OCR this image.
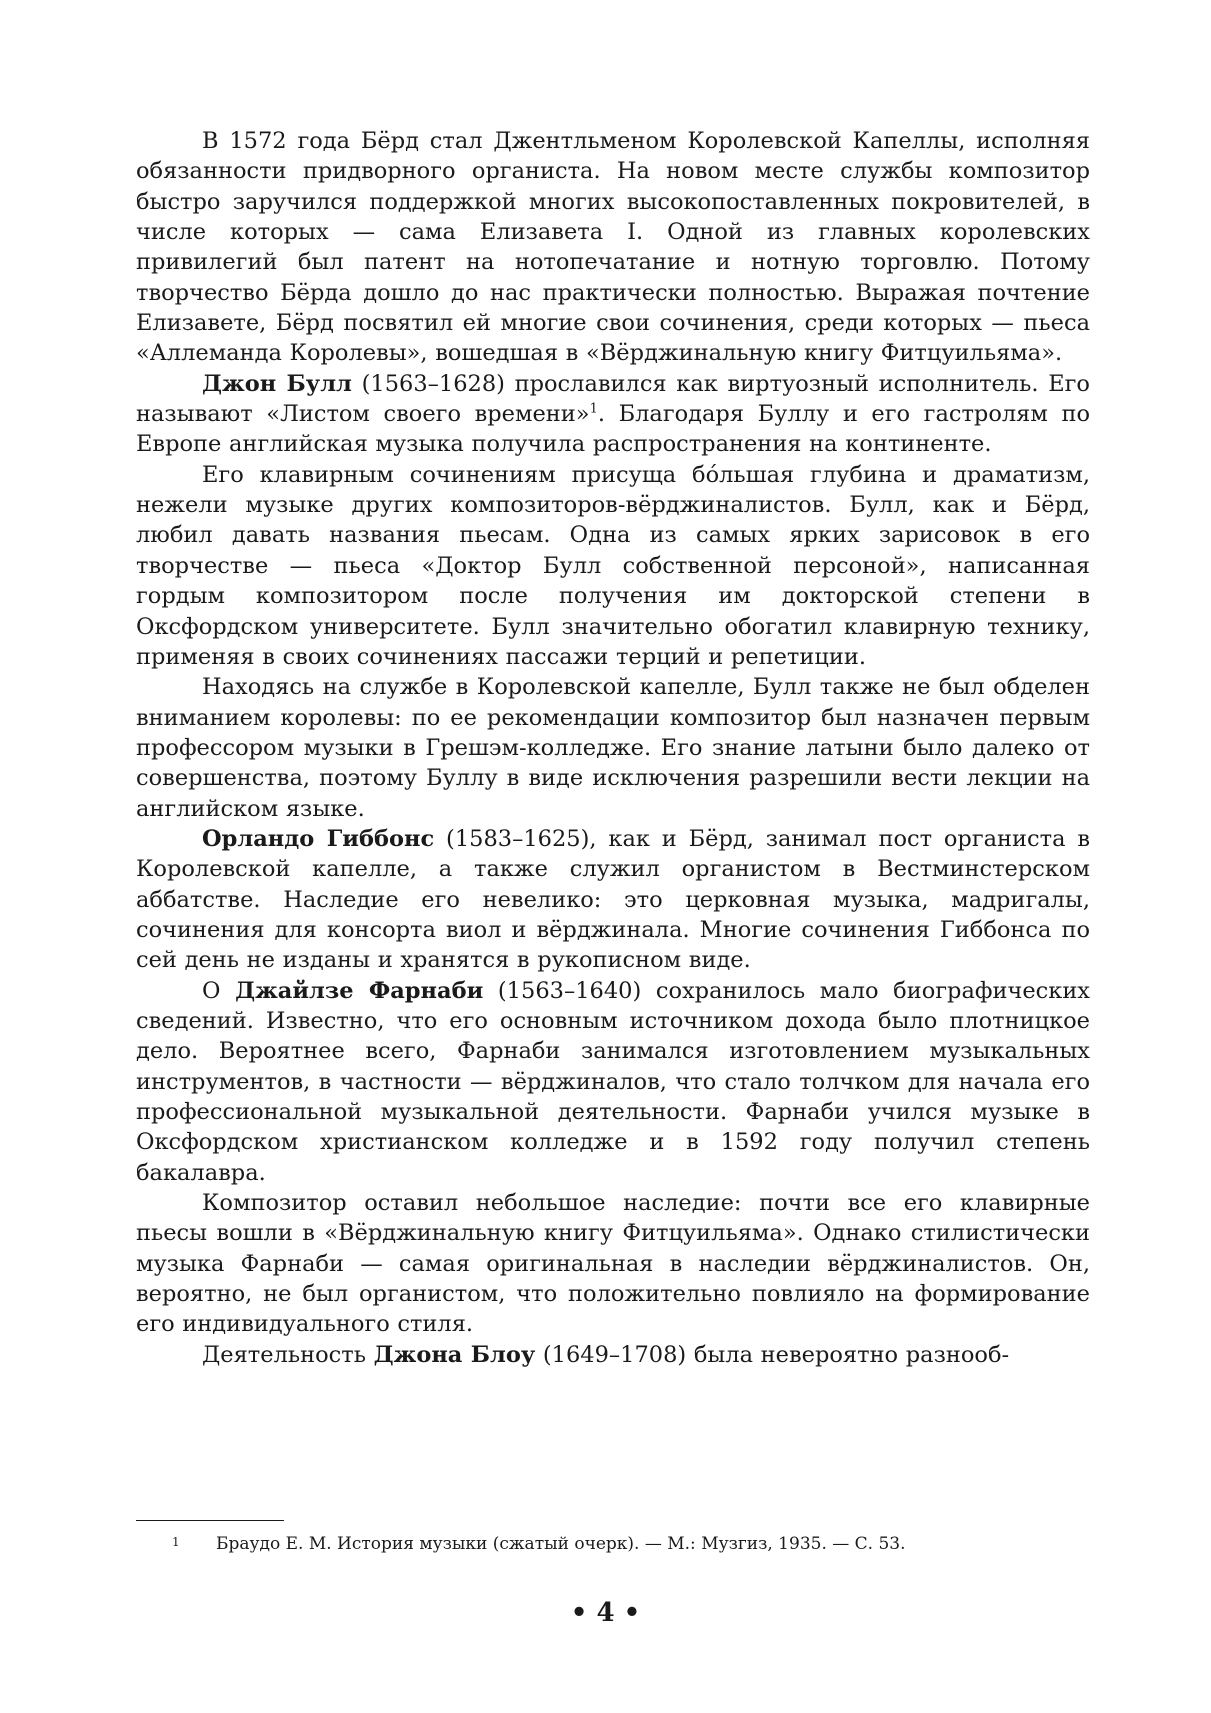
В 1572 года Бёрд стал Джентльменом Королевской Капеллы, исполняя обязанности придворного органиста. На новом месте службы композитор быстро заручился поддержкой многих высокопоставленных покровителей, в числе которых — сама Елизавета I. Одной из главных королевских привилегий был патент на нотопечатание и нотную торговлю. Потому творчество Бёрда дошло до нас практически полностью. Выражая почтение Елизавете, Бёрд посвятил ей многие свои сочинения, среди которых — пьеса «Аллеманда Королевы», вошедшая в «Вёрджинальную книгу Фитцуильяма».

Джон Булл (1563–1628) прославился как виртуозный исполнитель. Его называют «Листом своего времени»$^1$. Благодаря Буллу и его гастролям по Европе английская музыка получила распространения на континенте.

Его клавирным сочинениям присуща бóльшая глубина и драматизм, нежели музыке других композиторов-вёрджиналистов. Булл, как и Бёрд, любил давать названия пьесам. Одна из самых ярких зарисовок в его творчестве — пьеса «Доктор Булл собственной персоной», написанная гордым композитором после получения им докторской степени в Оксфордском университете. Булл значительно обогатил клавирную технику, применяя в своих сочинениях пассажи терций и репетиции.

Находясь на службе в Королевской капелле, Булл также не был обделен вниманием королевы: по ее рекомендации композитор был назначен первым профессором музыки в Грешэм-колледже. Его знание латыни было далеко от совершенства, поэтому Буллу в виде исключения разрешили вести лекции на английском языке.

Орландо Гиббонс (1583–1625), как и Бёрд, занимал пост органиста в Королевской капелле, а также служил органистом в Вестминстерском аббатстве. Наследие его невелико: это церковная музыка, мадригалы, сочинения для консорта виол и вёрджинала. Многие сочинения Гиббонса по сей день не изданы и хранятся в рукописном виде.

О Джайлзе Фарнаби (1563–1640) сохранилось мало биографических сведений. Известно, что его основным источником дохода было плотницкое дело. Вероятнее всего, Фарнаби занимался изготовлением музыкальных инструментов, в частности — вёрджиналов, что стало толчком для начала его профессиональной музыкальной деятельности. Фарнаби учился музыке в Оксфордском христианском колледже и в 1592 году получил степень бакалавра.

Композитор оставил небольшое наследие: почти все его клавирные пьесы вошли в «Вёрджинальную книгу Фитцуильяма». Однако стилистически музыка Фарнаби — самая оригинальная в наследии вёрджиналистов. Он, вероятно, не был органистом, что положительно повлияло на формирование его индивидуального стиля.

Деятельность Джона Блоу (1649–1708) была невероятно разнооб-

1 Браудо Е. М. История музыки (сжатый очерк). — М.: Музгиз, 1935. — С. 53.
• 4 •
